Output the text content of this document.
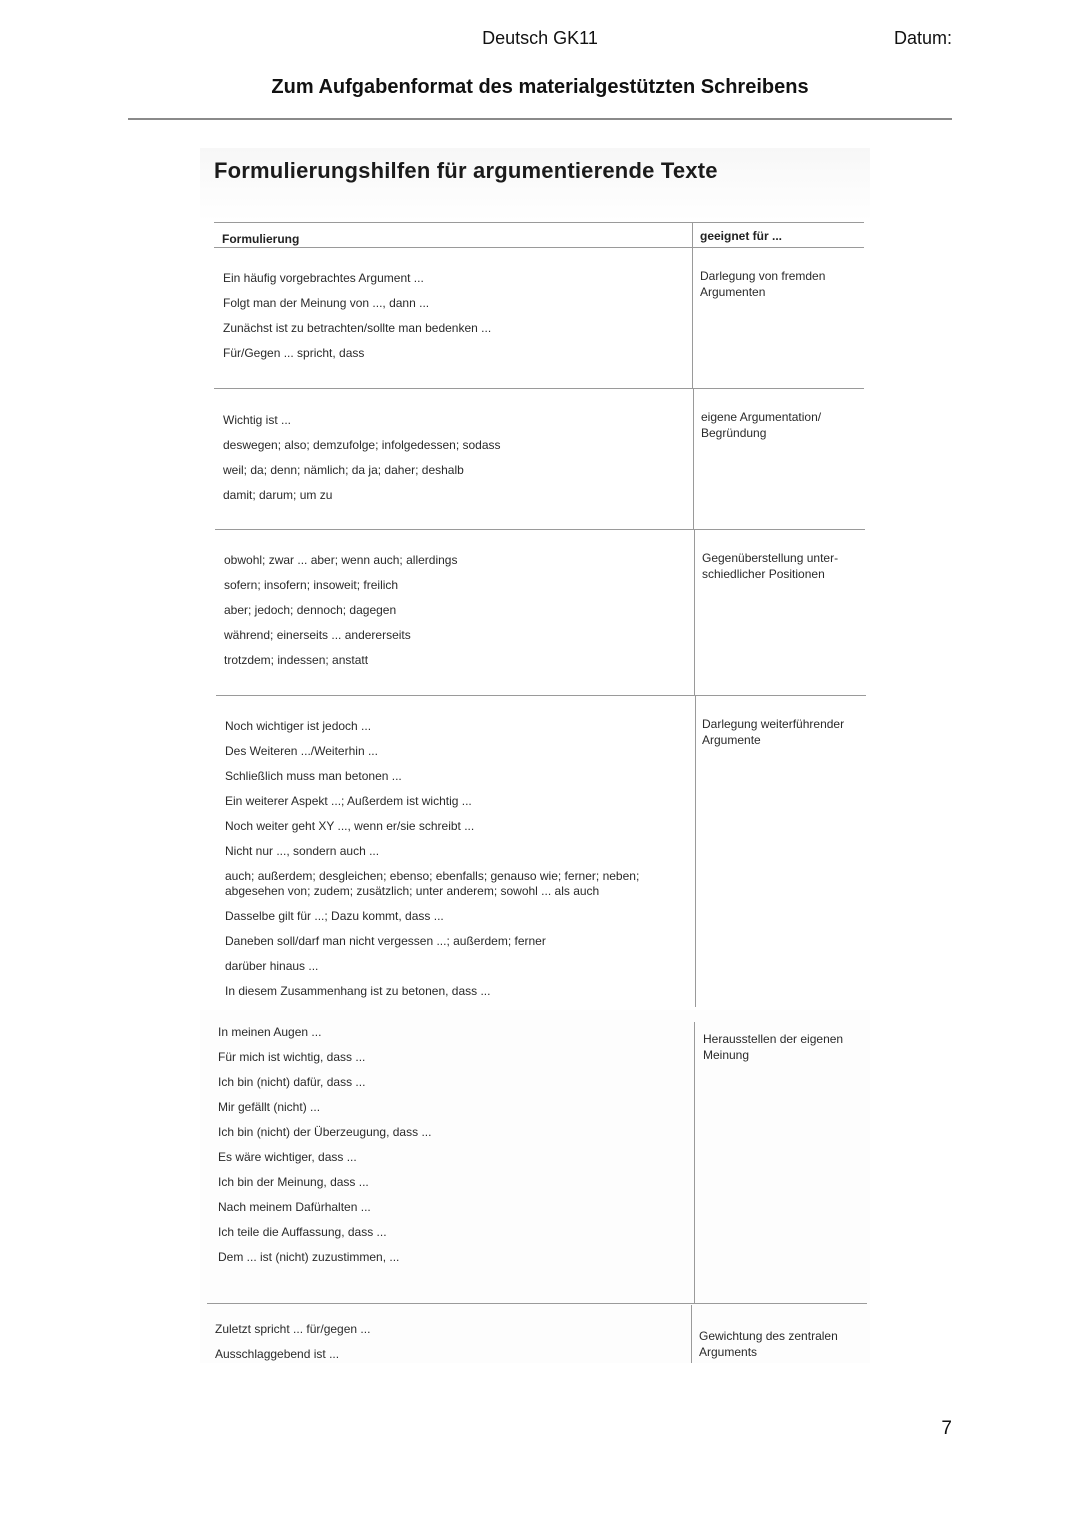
Deutsch GK11	Datum:
Zum Aufgabenformat des materialgestützten Schreibens
Formulierungshilfen für argumentierende Texte
Formulierung	geeignet für ...
Ein häufig vorgebrachtes Argument ...
Folgt man der Meinung von ..., dann ...
Zunächst ist zu betrachten/sollte man bedenken ...
Für/Gegen ... spricht, dass
Darlegung von fremden Argumenten
Wichtig ist ...
deswegen; also; demzufolge; infolgedessen; sodass
weil; da; denn; nämlich; da ja; daher; deshalb
damit; darum; um zu
eigene Argumentation/ Begründung
obwohl; zwar ... aber; wenn auch; allerdings
sofern; insofern; insoweit; freilich
aber; jedoch; dennoch; dagegen
während; einerseits ... andererseits
trotzdem; indessen; anstatt
Gegenüberstellung unter-schiedlicher Positionen
Noch wichtiger ist jedoch ...
Des Weiteren .../Weiterhin ...
Schließlich muss man betonen ...
Ein weiterer Aspekt ...; Außerdem ist wichtig ...
Noch weiter geht XY ..., wenn er/sie schreibt ...
Nicht nur ..., sondern auch ...
auch; außerdem; desgleichen; ebenso; ebenfalls; genauso wie; ferner; neben; abgesehen von; zudem; zusätzlich; unter anderem; sowohl ... als auch
Dasselbe gilt für ...; Dazu kommt, dass ...
Daneben soll/darf man nicht vergessen ...; außerdem; ferner
darüber hinaus ...
In diesem Zusammenhang ist zu betonen, dass ...
Darlegung weiterführender Argumente
In meinen Augen ...
Für mich ist wichtig, dass ...
Ich bin (nicht) dafür, dass ...
Mir gefällt (nicht) ...
Ich bin (nicht) der Überzeugung, dass ...
Es wäre wichtiger, dass ...
Ich bin der Meinung, dass ...
Nach meinem Dafürhalten ...
Ich teile die Auffassung, dass ...
Dem ... ist (nicht) zuzustimmen, ...
Herausstellen der eigenen Meinung
Zuletzt spricht ... für/gegen ...
Ausschlaggebend ist ...
Gewichtung des zentralen Arguments
7
